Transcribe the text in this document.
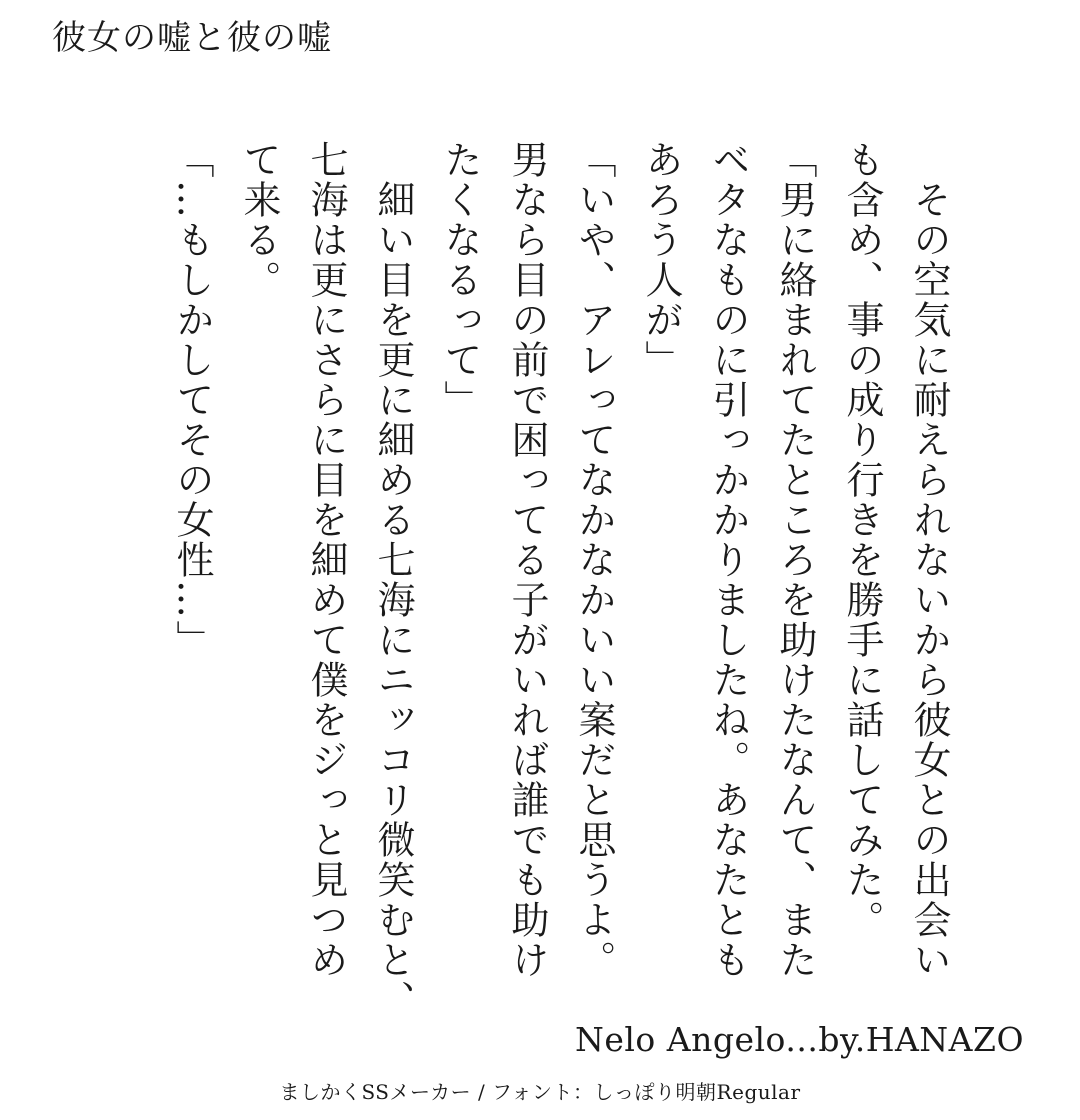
彼女の嘘と彼の嘘

　その空気に耐えられないから彼女との出会い

も含め、事の成り行きを勝手に話してみた。

「男に絡まれてたところを助けたなんて、また

ベタなものに引っかかりましたね。あなたとも

あろう人が」

「いや、アレってなかなかいい案だと思うよ。

男なら目の前で困ってる子がいれば誰でも助け

たくなるって」

　細い目を更に細める七海にニッコリ微笑むと、

七海は更にさらに目を細めて僕をジっと見つめ

て来る。

「…もしかしてその女性…」

Nelo Angelo...by.HANAZO
ましかくSSメーカー / フォント：しっぽり明朝Regular
